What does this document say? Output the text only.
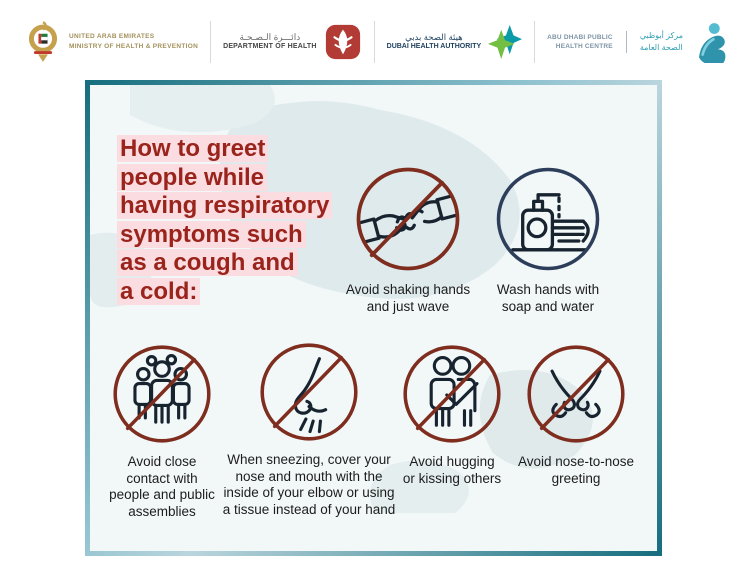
UNITED ARAB EMIRATES
MINISTRY OF HEALTH & PREVENTION
دائـــرة الـصـحـة
DEPARTMENT OF HEALTH
هيئة الصحة بدبي
DUBAI HEALTH AUTHORITY
ABU DHABI PUBLIC
HEALTH CENTRE
مركز أبوظبي
الصحة العامة
How to greet
people while
having respiratory
symptoms such
as a cough and
a cold:	Avoid shaking hands and just wave
Wash hands with soap and water
Avoid close contact with people and public assemblies
When sneezing, cover your nose and mouth with the inside of your elbow or using a tissue instead of your hand
Avoid hugging or kissing others
Avoid nose-to-nose greeting
